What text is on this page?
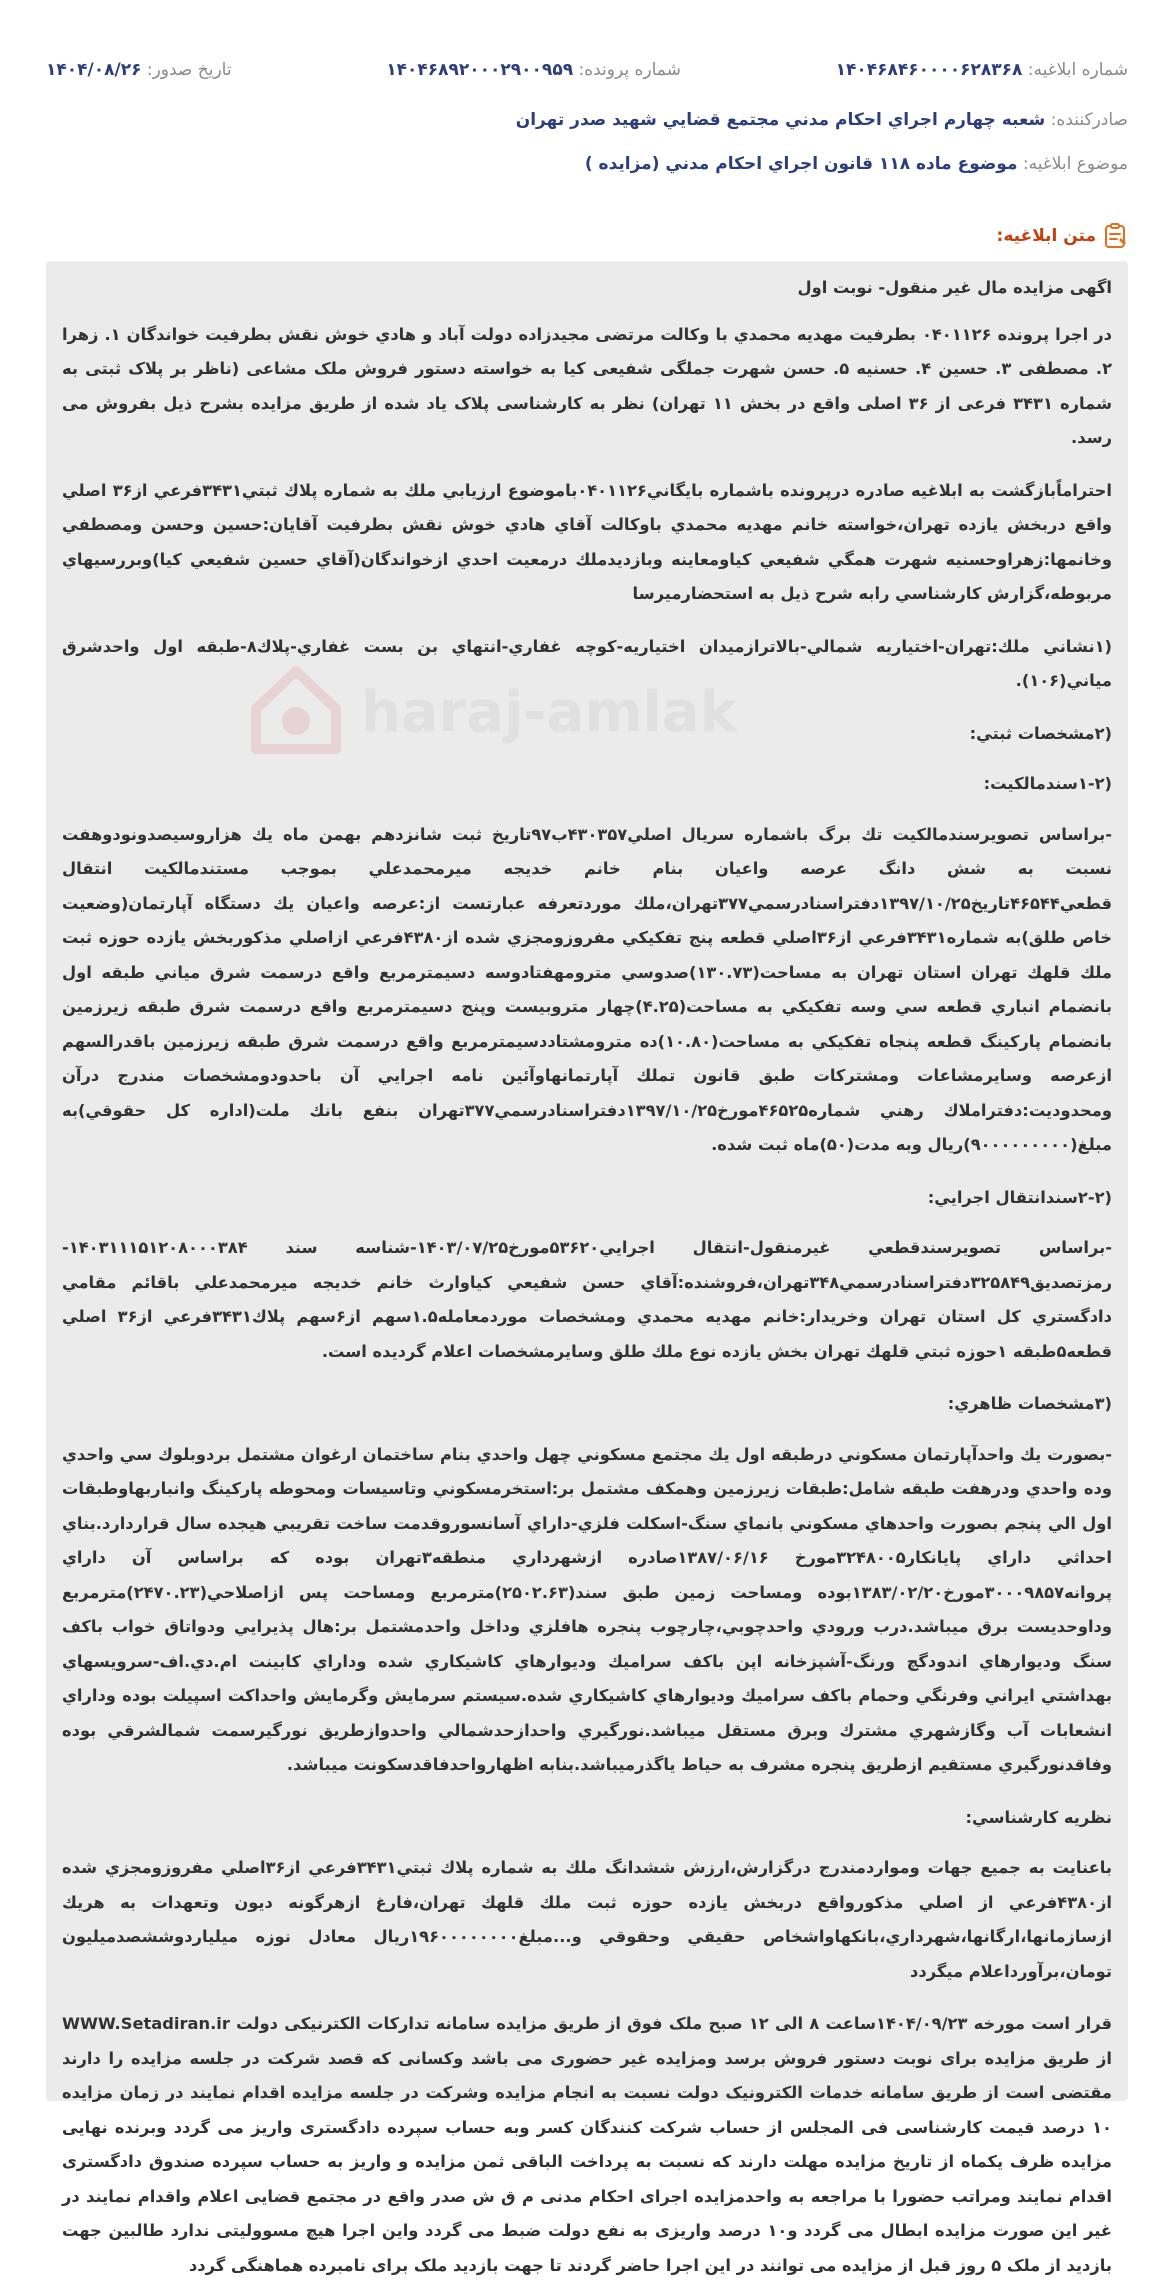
شماره ابلاغیه: ۱۴۰۴۶۸۴۶۰۰۰۰۶۲۸۳۶۸
شماره پرونده: ۱۴۰۴۶۸۹۲۰۰۰۲۹۰۰۹۵۹
تاریخ صدور: ۱۴۰۴/۰۸/۲۶
صادرکننده: شعبه چهارم اجراي احكام مدني مجتمع قضايي شهيد صدر تهران
موضوع ابلاغیه: موضوع ماده ۱۱۸ قانون اجراي احكام مدني (مزايده )
متن ابلاغیه:
haraj-amlak

اگهی مزایده مال غیر منقول- نوبت اول

در اجرا پرونده ۰۴۰۱۱۲۶ بطرفيت مهديه محمدي با وكالت مرتضی مجيدزاده دولت آباد و هادي خوش نقش بطرفیت خواندگان ۱. زهرا ۲. مصطفی ۳. حسین ۴. حسنیه ۵. حسن شهرت جملگی شفیعی کیا به خواسته دستور فروش ملک مشاعی (ناظر بر پلاک ثبتی به شماره ۳۴۳۱ فرعی از ۳۶ اصلی واقع در بخش ۱۱ تهران) نظر به کارشناسی پلاک یاد شده از طریق مزایده بشرح ذیل بفروش می رسد.

احتراماًبازگشت به ابلاغيه صادره درپرونده باشماره بايگاني۰۴۰۱۱۲۶باموضوع ارزيابي ملك به شماره پلاك ثبتي۳۴۳۱فرعي از۳۶ اصلي واقع دربخش يازده تهران،خواسته خانم مهديه محمدي باوكالت آقاي هادي خوش نقش بطرفيت آقايان:حسين وحسن ومصطفي وخانمها:زهراوحسنيه شهرت همگي شفيعي كياومعاينه وبازديدملك درمعيت احدي ازخواندگان(آقاي حسين شفيعي كيا)وبررسيهاي مربوطه،گزارش كارشناسي رابه شرح ذيل به استحضارميرسا

(۱نشاني ملك:تهران-اختياريه شمالي-بالاترازميدان اختياريه-كوچه غفاري-انتهاي بن بست غفاري-پلاك۸-طبقه اول واحدشرق مياني(۱۰۶).

(۲مشخصات ثبتي:

(۱-۲سندمالكيت:

-براساس تصويرسندمالكيت تك برگ باشماره سريال اصلي۴۳۰۳۵۷ب۹۷تاريخ ثبت شانزدهم بهمن ماه يك هزاروسيصدونودوهفت نسبت به شش دانگ عرصه واعيان بنام خانم خديجه ميرمحمدعلي بموجب مستندمالكيت انتقال قطعي۴۶۵۴۴تاريخ۱۳۹۷/۱۰/۲۵دفتراسنادرسمي۳۷۷تهران،ملك موردتعرفه عبارتست از:عرصه واعيان يك دستگاه آپارتمان(وضعيت خاص طلق)به شماره۳۴۳۱فرعي از۳۶اصلي قطعه پنج تفكيكي مفروزومجزي شده از۴۳۸۰فرعي ازاصلي مذكوربخش يازده حوزه ثبت ملك قلهك تهران استان تهران به مساحت(۱۳۰.۷۳)صدوسي مترومهفتادوسه دسيمترمربع واقع درسمت شرق مياني طبقه اول بانضمام انباري قطعه سي وسه تفكيكي به مساحت(۴.۲۵)چهار متروبيست وپنج دسيمترمربع واقع درسمت شرق طبقه زيرزمين بانضمام پاركينگ قطعه پنجاه تفكيكي به مساحت(۱۰.۸۰)ده مترومشتاددسيمترمربع واقع درسمت شرق طبقه زيرزمين باقدرالسهم ازعرصه وسايرمشاعات ومشتركات طبق قانون تملك آپارتمانهاوآئين نامه اجرايي آن باحدودومشخصات مندرج درآن ومحدوديت:دفتراملاك رهني شماره۴۶۵۲۵مورخ۱۳۹۷/۱۰/۲۵دفتراسنادرسمي۳۷۷تهران بنفع بانك ملت(اداره كل حقوقي)به مبلغ(۹۰۰۰۰۰۰۰۰۰)ريال وبه مدت(۵۰)ماه ثبت شده.

(۲-۲سندانتقال اجرايي:

-براساس تصويرسندقطعي غيرمنقول-انتقال اجرايي۵۳۶۲۰مورخ۱۴۰۳/۰۷/۲۵-شناسه سند ۱۴۰۳۱۱۱۵۱۲۰۸۰۰۰۳۸۴-رمزتصديق۳۲۵۸۴۹دفتراسنادرسمي۳۴۸تهران،فروشنده:آقاي حسن شفيعي كياوارث خانم خديجه ميرمحمدعلي باقائم مقامي دادگستري كل استان تهران وخريدار:خانم مهديه محمدي ومشخصات موردمعامله۱.۵سهم از۶سهم پلاك۳۴۳۱فرعي از۳۶ اصلي قطعه۵طبقه ۱حوزه ثبتي قلهك تهران بخش يازده نوع ملك طلق وسايرمشخصات اعلام گرديده است.

(۳مشخصات ظاهري:

-بصورت يك واحدآپارتمان مسكوني درطبقه اول يك مجتمع مسكوني چهل واحدي بنام ساختمان ارغوان مشتمل بردوبلوك سي واحدي وده واحدي ودرهفت طبقه شامل:طبقات زيرزمين وهمكف مشتمل بر:استخرمسكوني وتاسيسات ومحوطه پاركينگ وانباربهاوطبقات اول الي پنجم بصورت واحدهاي مسكوني بانماي سنگ-اسكلت فلزي-داراي آسانسوروقدمت ساخت تقريبي هيجده سال قراردارد.بناي احداثي داراي پايانكار۳۲۴۸۰۰۵مورخ ۱۳۸۷/۰۶/۱۶صادره ازشهرداري منطقه۳تهران بوده كه براساس آن داراي پروانه۳۰۰۰۹۸۵۷مورخ۱۳۸۳/۰۲/۲۰بوده ومساحت زمين طبق سند(۲۵۰۲.۶۳)مترمربع ومساحت پس ازاصلاحي(۲۴۷۰.۲۳)مترمربع وداوحديست برق ميباشد.درب ورودي واحدچوبي،چارچوب پنجره هافلزي وداخل واحدمشتمل بر:هال پذيرايي ودواتاق خواب باكف سنگ وديوارهاي اندودگچ ورنگ-آشپزخانه اپن باكف سراميك وديوارهاي كاشيكاري شده وداراي كابينت ام.دي.اف-سرويسهاي بهداشتي ايراني وفرنگي وحمام باكف سراميك وديوارهاي كاشيكاري شده.سيستم سرمايش وگرمايش واحداكت اسپيلت بوده وداراي انشعابات آب وگازشهري مشترك وبرق مستقل ميباشد.نورگيري واحدازحدشمالي واحدوازطريق نورگيرسمت شمالشرقي بوده وفاقدنورگيري مستقيم ازطريق پنجره مشرف به حياط ياگذرميباشد.بنابه اظهارواحدفاقدسكونت ميباشد.

نظريه كارشناسي:

باعنايت به جميع جهات ومواردمندرج درگزارش،ارزش ششدانگ ملك به شماره پلاك ثبتي۳۴۳۱فرعي از۳۶اصلي مفروزومجزي شده از۴۳۸۰فرعي از اصلي مذكورواقع دربخش يازده حوزه ثبت ملك قلهك تهران،فارغ ازهرگونه ديون وتعهدات به هريك ازسازمانها،ارگانها،شهرداري،بانكهاواشخاص حقيقي وحقوقي و...مبلغ۱۹۶۰۰۰۰۰۰۰۰ريال معادل نوزه ميلياردوششصدميليون تومان،برآورداعلام ميگردد

قرار است مورخه ۱۴۰۴/۰۹/۲۳ساعت ۸ الی ۱۲ صبح ملک فوق از طریق مزایده سامانه تدارکات الکترنیکی دولت WWW.Setadiran.ir از طریق مزایده برای نوبت دستور فروش برسد ومزایده غیر حضوری می باشد وکسانی که قصد شرکت در جلسه مزایده را دارند مقتضی است از طریق سامانه خدمات الکترونیک دولت نسبت به انجام مزایده وشرکت در جلسه مزایده اقدام نمایند در زمان مزایده ۱۰ درصد قیمت کارشناسی فی المجلس از حساب شرکت کنندگان کسر وبه حساب سپرده دادگستری واریز می گردد وبرنده نهایی مزایده ظرف یکماه از تاریخ مزایده مهلت دارند که نسبت به پرداخت الباقی ثمن مزایده و واریز به حساب سپرده صندوق دادگستری اقدام نمایند ومراتب حضورا با مراجعه به واحدمزایده اجرای احکام مدنی م ق ش صدر واقع در مجتمع قضایی اعلام واقدام نمایند در غیر این صورت مزایده ابطال می گردد و۱۰ درصد واریزی به نفع دولت ضبط می گردد واین اجرا هیچ مسوولیتی ندارد طالبین جهت بازدید از ملک ۵ روز قبل از مزایده می توانند در این اجرا حاضر گردند تا جهت بازدید ملک برای نامبرده هماهنگی گردد
